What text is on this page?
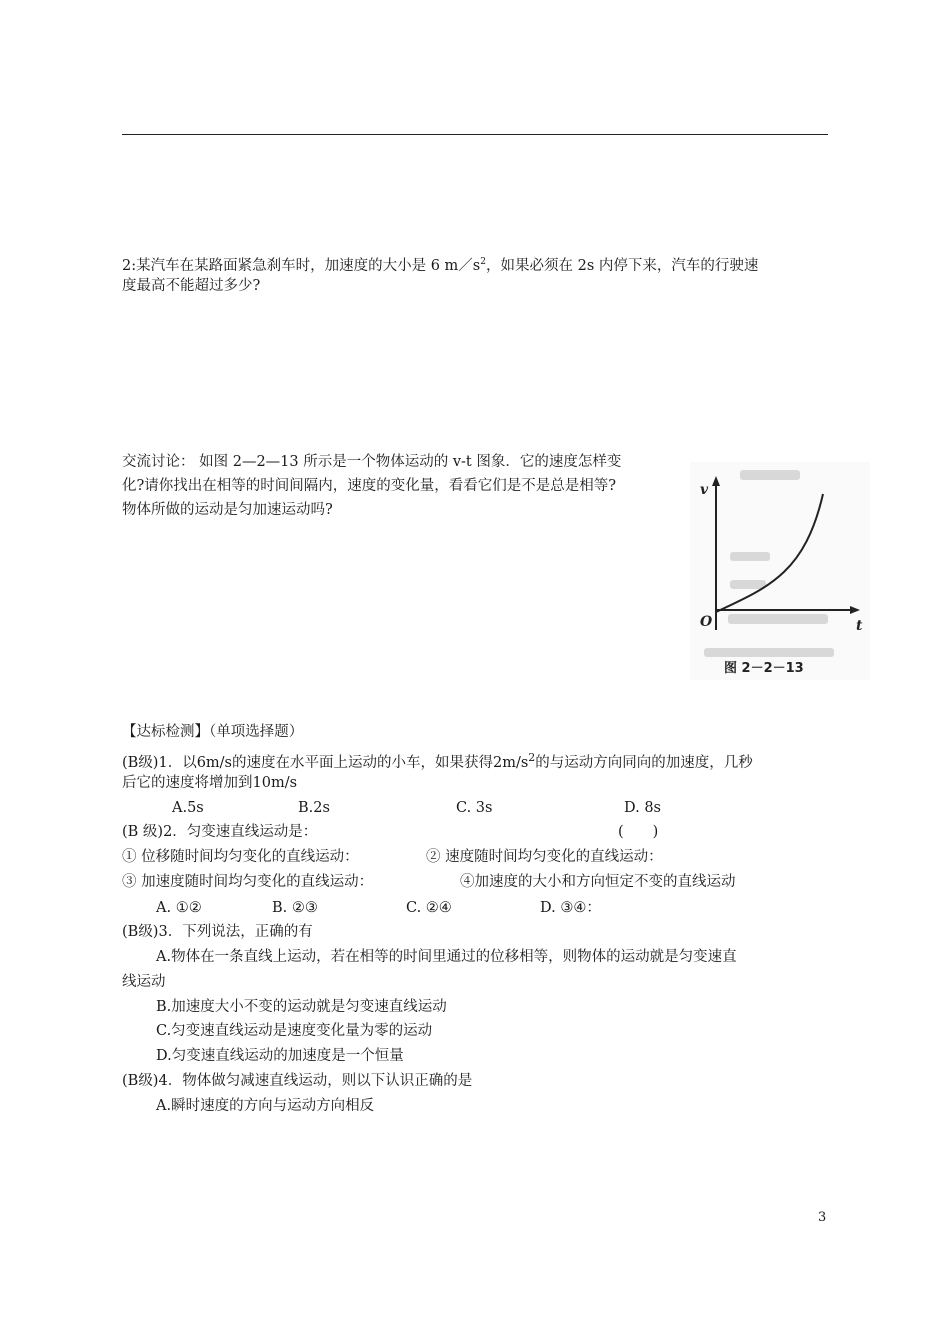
2:某汽车在某路面紧急刹车时，加速度的大小是 6 $m/s^2$，如果必须在 2s 内停下来，汽车的行驶速
度最高不能超过多少?
交流讨论： 如图 2—2—13 所示是一个物体运动的 v-t 图象．它的速度怎样变
化?请你找出在相等的时间间隔内，速度的变化量，看看它们是不是总是相等?
物体所做的运动是匀加速运动吗?
v
t
O
图 2－2－13
【达标检测】（单项选择题）
(B级)1．以6m/s的速度在水平面上运动的小车，如果获得$2m/s^2$的与运动方向同向的加速度，几秒
后它的速度将增加到10m/s
A.5s	B.2s	C. 3s	D. 8s
(B 级)2．匀变速直线运动是：	(　　)
① 位移随时间均匀变化的直线运动：	② 速度随时间均匀变化的直线运动：
③ 加速度随时间均匀变化的直线运动：	④加速度的大小和方向恒定不变的直线运动
A. ①②	B. ②③	C. ②④	D. ③④：
(B级)3．下列说法，正确的有
A.物体在一条直线上运动，若在相等的时间里通过的位移相等，则物体的运动就是匀变速直
线运动
B.加速度大小不变的运动就是匀变速直线运动
C.匀变速直线运动是速度变化量为零的运动
D.匀变速直线运动的加速度是一个恒量
(B级)4．物体做匀减速直线运动，则以下认识正确的是
A.瞬时速度的方向与运动方向相反
3
